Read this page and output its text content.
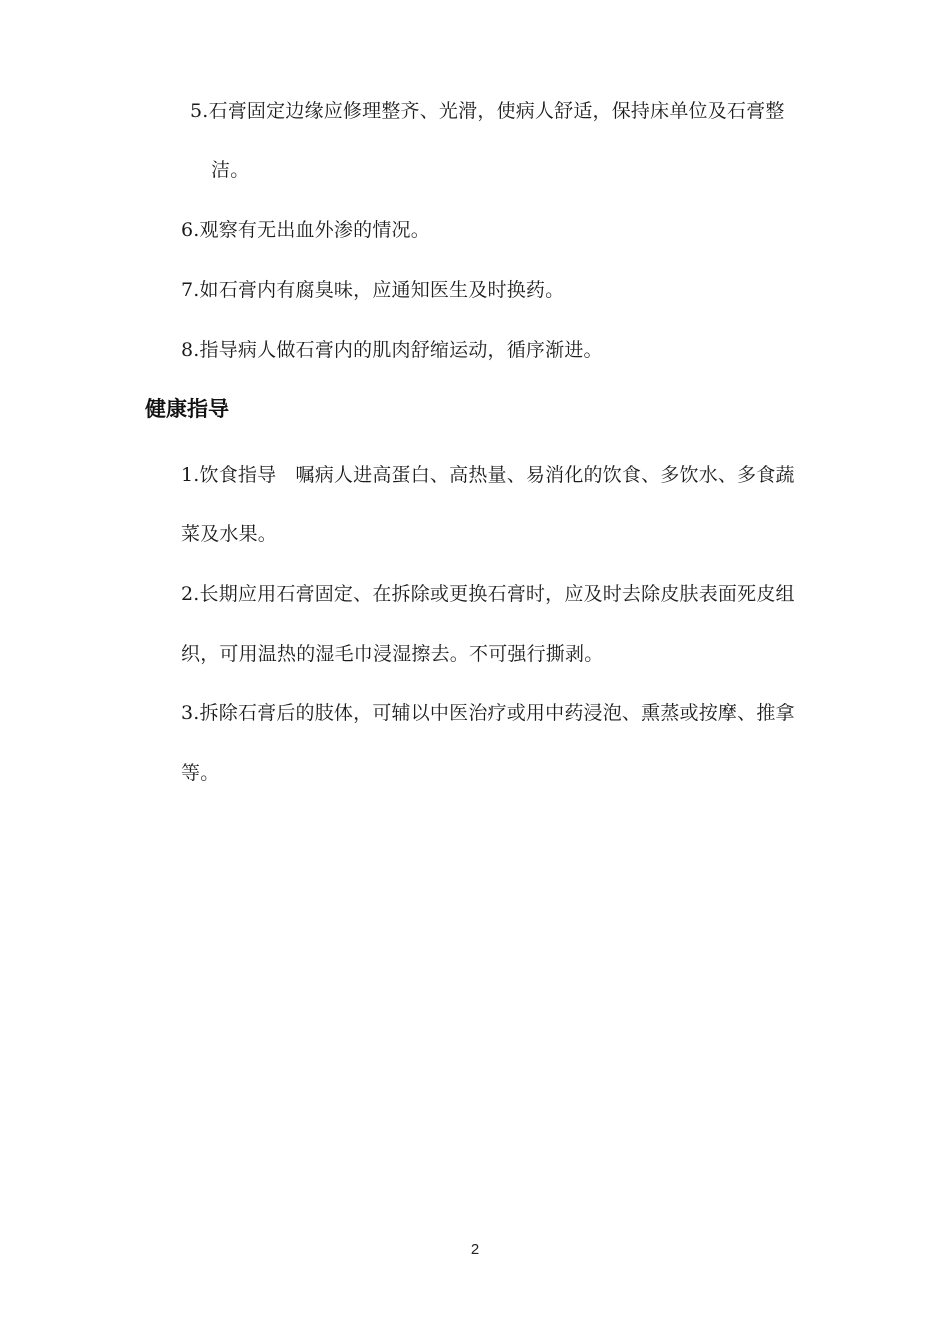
5.石膏固定边缘应修理整齐、光滑，使病人舒适，保持床单位及石膏整
洁。
6.观察有无出血外渗的情况。
7.如石膏内有腐臭味，应通知医生及时换药。
8.指导病人做石膏内的肌肉舒缩运动，循序渐进。
健康指导
1.饮食指导　嘱病人进高蛋白、高热量、易消化的饮食、多饮水、多食蔬
菜及水果。
2.长期应用石膏固定、在拆除或更换石膏时，应及时去除皮肤表面死皮组
织，可用温热的湿毛巾浸湿擦去。不可强行撕剥。
3.拆除石膏后的肢体，可辅以中医治疗或用中药浸泡、熏蒸或按摩、推拿
等。
2
